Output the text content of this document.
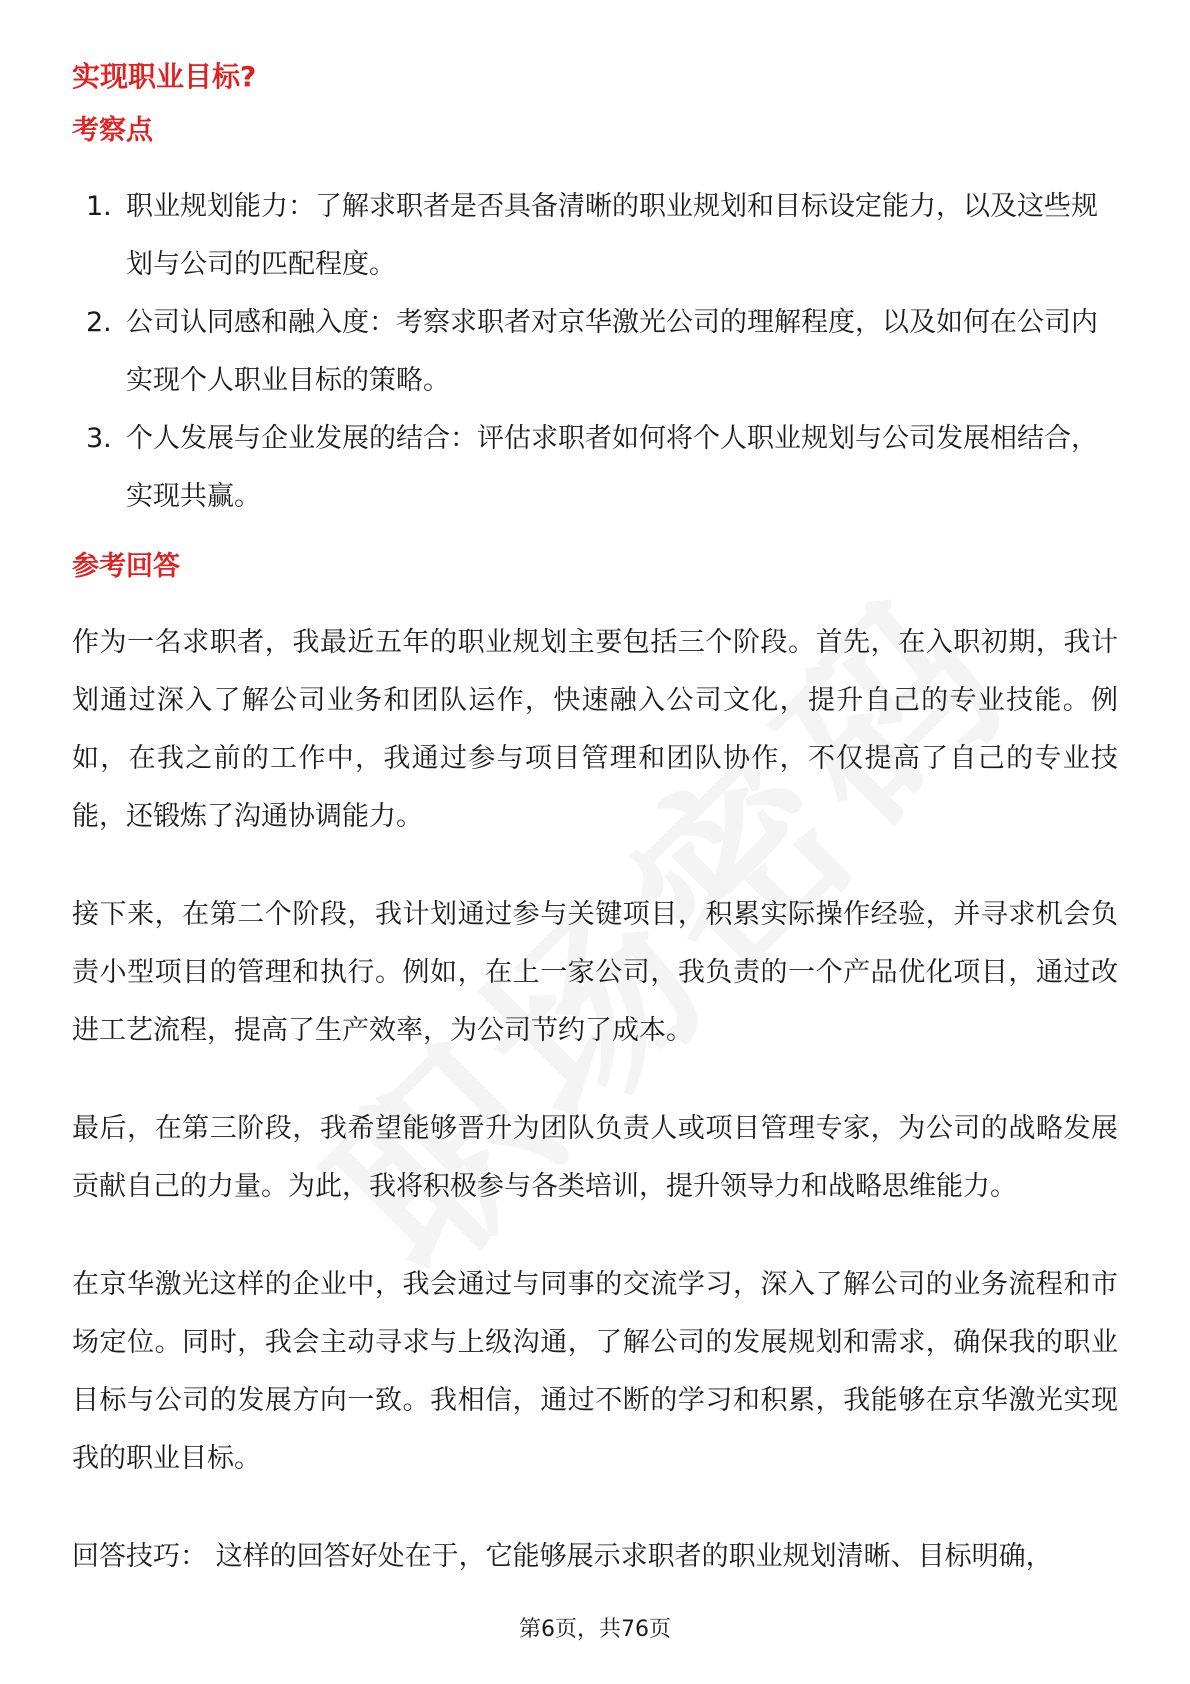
实现职业目标?
考察点
1. 职业规划能力：了解求职者是否具备清晰的职业规划和目标设定能力，以及这些规划与公司的匹配程度。
2. 公司认同感和融入度：考察求职者对京华激光公司的理解程度，以及如何在公司内实现个人职业目标的策略。
3. 个人发展与企业发展的结合：评估求职者如何将个人职业规划与公司发展相结合，实现共赢。
参考回答

作为一名求职者，我最近五年的职业规划主要包括三个阶段。首先，在入职初期，我计划通过深入了解公司业务和团队运作，快速融入公司文化，提升自己的专业技能。例如，在我之前的工作中，我通过参与项目管理和团队协作，不仅提高了自己的专业技能，还锻炼了沟通协调能力。

接下来，在第二个阶段，我计划通过参与关键项目，积累实际操作经验，并寻求机会负责小型项目的管理和执行。例如，在上一家公司，我负责的一个产品优化项目，通过改进工艺流程，提高了生产效率，为公司节约了成本。

最后，在第三阶段，我希望能够晋升为团队负责人或项目管理专家，为公司的战略发展贡献自己的力量。为此，我将积极参与各类培训，提升领导力和战略思维能力。

在京华激光这样的企业中，我会通过与同事的交流学习，深入了解公司的业务流程和市场定位。同时，我会主动寻求与上级沟通，了解公司的发展规划和需求，确保我的职业目标与公司的发展方向一致。我相信，通过不断的学习和积累，我能够在京华激光实现我的职业目标。

回答技巧： 这样的回答好处在于，它能够展示求职者的职业规划清晰、目标明确，

第6页，共76页
